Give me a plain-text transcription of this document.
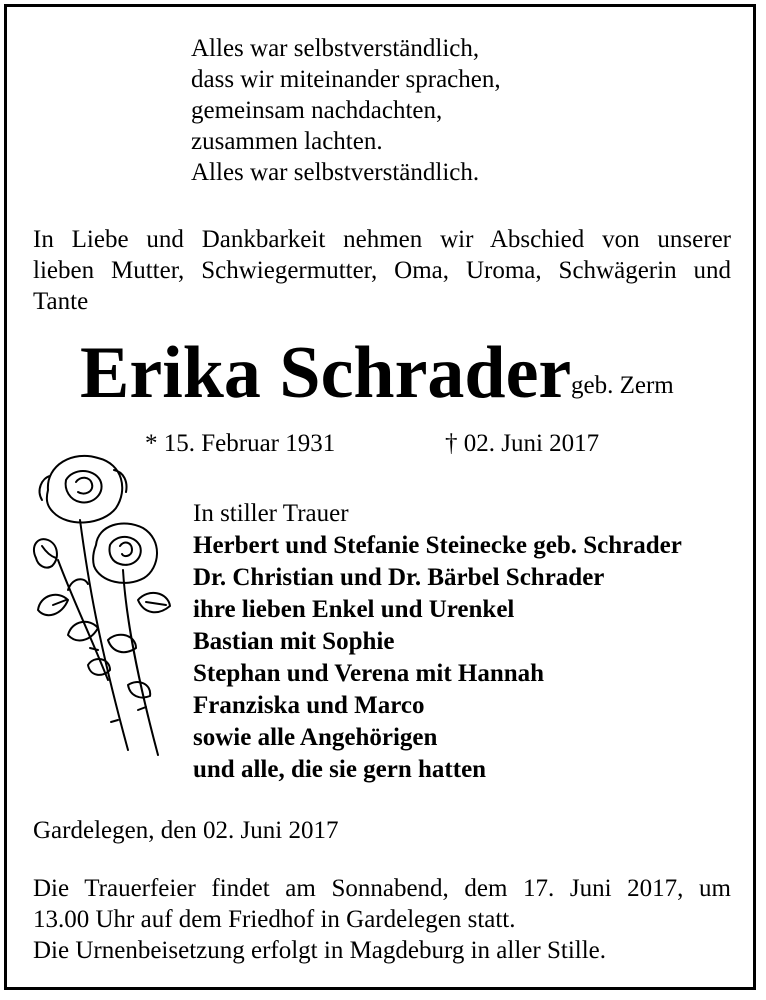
Alles war selbstverständlich,
dass wir miteinander sprachen,
gemeinsam nachdachten,
zusammen lachten.
Alles war selbstverständlich.
In Liebe und Dankbarkeit nehmen wir Abschied von unserer
lieben Mutter, Schwiegermutter, Oma, Uroma, Schwägerin und
Tante
Erika Schrader geb. Zerm
* 15. Februar 1931	† 02. Juni 2017
In stiller Trauer
Herbert und Stefanie Steinecke geb. Schrader
Dr. Christian und Dr. Bärbel Schrader
ihre lieben Enkel und Urenkel
Bastian mit Sophie
Stephan und Verena mit Hannah
Franziska und Marco
sowie alle Angehörigen
und alle, die sie gern hatten
Gardelegen, den 02. Juni 2017
Die Trauerfeier findet am Sonnabend, dem 17. Juni 2017, um
13.00 Uhr auf dem Friedhof in Gardelegen statt.
Die Urnenbeisetzung erfolgt in Magdeburg in aller Stille.
